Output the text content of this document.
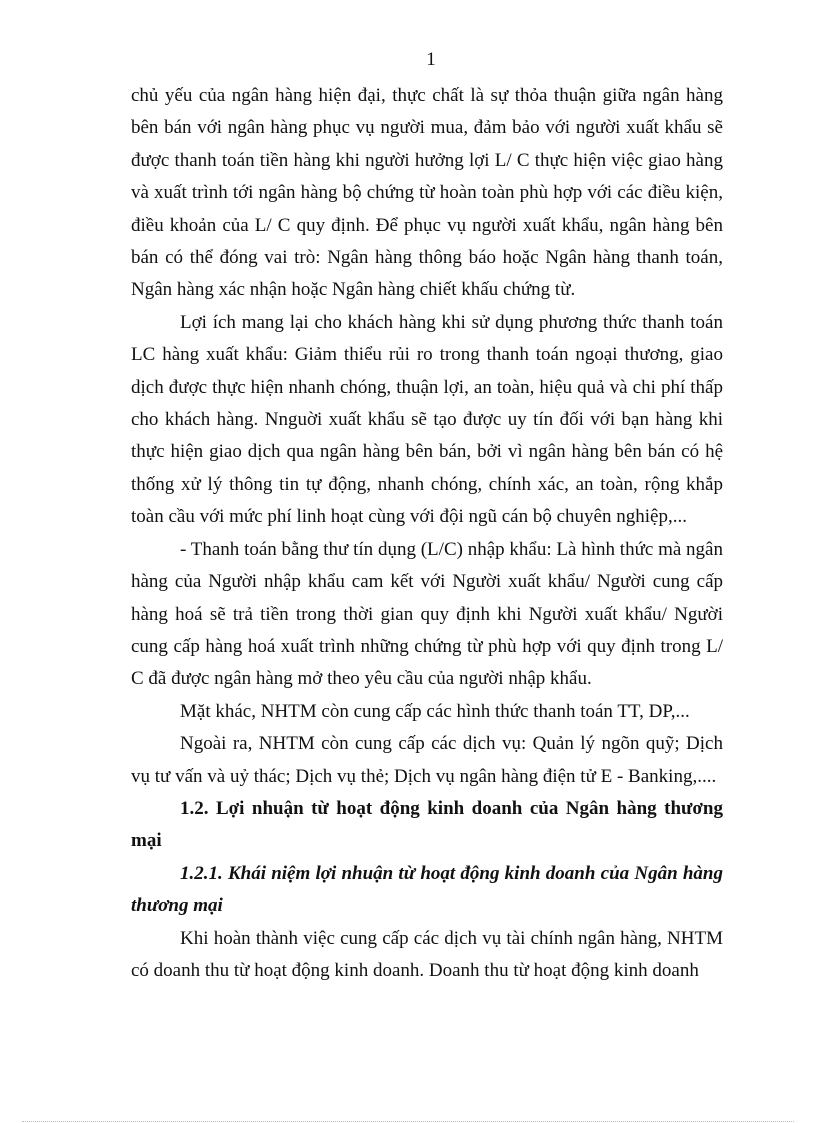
1

chủ yếu của ngân hàng hiện đại, thực chất là sự thỏa thuận giữa ngân hàng bên bán với ngân hàng phục vụ người mua, đảm bảo với người xuất khẩu sẽ được thanh toán tiền hàng khi người hưởng lợi L/ C thực hiện việc giao hàng và xuất trình tới ngân hàng bộ chứng từ hoàn toàn phù hợp với các điều kiện, điều khoản của L/ C quy định. Để phục vụ người xuất khẩu, ngân hàng bên bán có thể đóng vai trò: Ngân hàng thông báo hoặc Ngân hàng thanh toán, Ngân hàng xác nhận hoặc Ngân hàng chiết khấu chứng từ.

Lợi ích mang lại cho khách hàng khi sử dụng phương thức thanh toán LC hàng xuất khẩu: Giảm thiểu rủi ro trong thanh toán ngoại thương, giao dịch được thực hiện nhanh chóng, thuận lợi, an toàn, hiệu quả và chi phí thấp cho khách hàng. Nnguời xuất khẩu sẽ tạo được uy tín đối với bạn hàng khi thực hiện giao dịch qua ngân hàng bên bán, bởi vì ngân hàng bên bán có hệ thống xử lý thông tin tự động, nhanh chóng, chính xác, an toàn, rộng khắp toàn cầu với mức phí linh hoạt cùng với đội ngũ cán bộ chuyên nghiệp,...

- Thanh toán bằng thư tín dụng (L/C) nhập khẩu: Là hình thức mà ngân hàng của Người nhập khẩu cam kết với Người xuất khẩu/ Người cung cấp hàng hoá sẽ trả tiền trong thời gian quy định khi Người xuất khẩu/ Người cung cấp hàng hoá xuất trình những chứng từ phù hợp với quy định trong L/ C đã được ngân hàng mở theo yêu cầu của người nhập khẩu.

Mặt khác, NHTM còn cung cấp các hình thức thanh toán TT, DP,...

Ngoài ra, NHTM còn cung cấp các dịch vụ: Quản lý ngõn quỹ; Dịch vụ tư vấn và uỷ thác; Dịch vụ thẻ; Dịch vụ ngân hàng điện tử E - Banking,....

1.2. Lợi nhuận từ hoạt động kinh doanh của Ngân hàng thương mại
1.2.1. Khái niệm lợi nhuận từ hoạt động kinh doanh của Ngân hàng thương mại

Khi hoàn thành việc cung cấp các dịch vụ tài chính ngân hàng, NHTM có doanh thu từ hoạt động kinh doanh. Doanh thu từ hoạt động kinh doanh
